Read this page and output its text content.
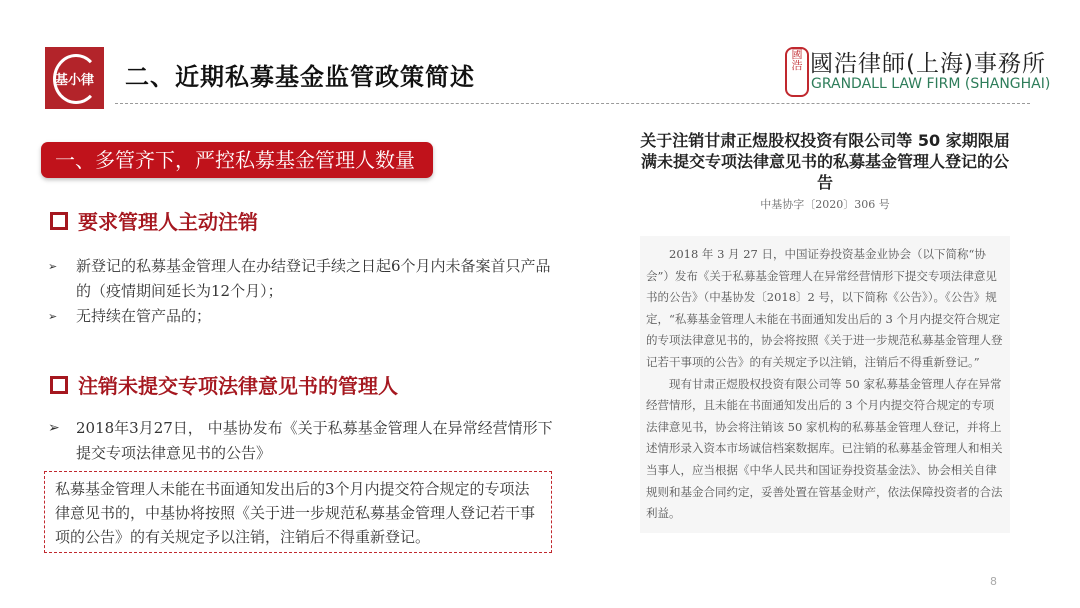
基小律 二、近期私募基金监管政策简述
國浩 國浩律師(上海)事務所
GRANDALL LAW FIRM (SHANGHAI)
一、多管齐下，严控私募基金管理人数量
要求管理人主动注销
➢ 新登记的私募基金管理人在办结登记手续之日起6个月内未备案首只产品的（疫情期间延长为12个月）；
➢ 无持续在管产品的；
注销未提交专项法律意见书的管理人
➢ 2018年3月27日， 中基协发布《关于私募基金管理人在异常经营情形下提交专项法律意见书的公告》
私募基金管理人未能在书面通知发出后的3个月内提交符合规定的专项法律意见书的，中基协将按照《关于进一步规范私募基金管理人登记若干事项的公告》的有关规定予以注销，注销后不得重新登记。
关于注销甘肃正煜股权投资有限公司等 50 家期限届满未提交专项法律意见书的私募基金管理人登记的公告
中基协字〔2020〕306 号

2018 年 3 月 27 日，中国证券投资基金业协会（以下简称“协会”）发布《关于私募基金管理人在异常经营情形下提交专项法律意见书的公告》（中基协发〔2018〕2 号，以下简称《公告》）。《公告》规定，“私募基金管理人未能在书面通知发出后的 3 个月内提交符合规定的专项法律意见书的，协会将按照《关于进一步规范私募基金管理人登记若干事项的公告》的有关规定予以注销，注销后不得重新登记。”

现有甘肃正煜股权投资有限公司等 50 家私募基金管理人存在异常经营情形，且未能在书面通知发出后的 3 个月内提交符合规定的专项法律意见书，协会将注销该 50 家机构的私募基金管理人登记，并将上述情形录入资本市场诚信档案数据库。已注销的私募基金管理人和相关当事人，应当根据《中华人民共和国证券投资基金法》、协会相关自律规则和基金合同约定，妥善处置在管基金财产，依法保障投资者的合法利益。

8
